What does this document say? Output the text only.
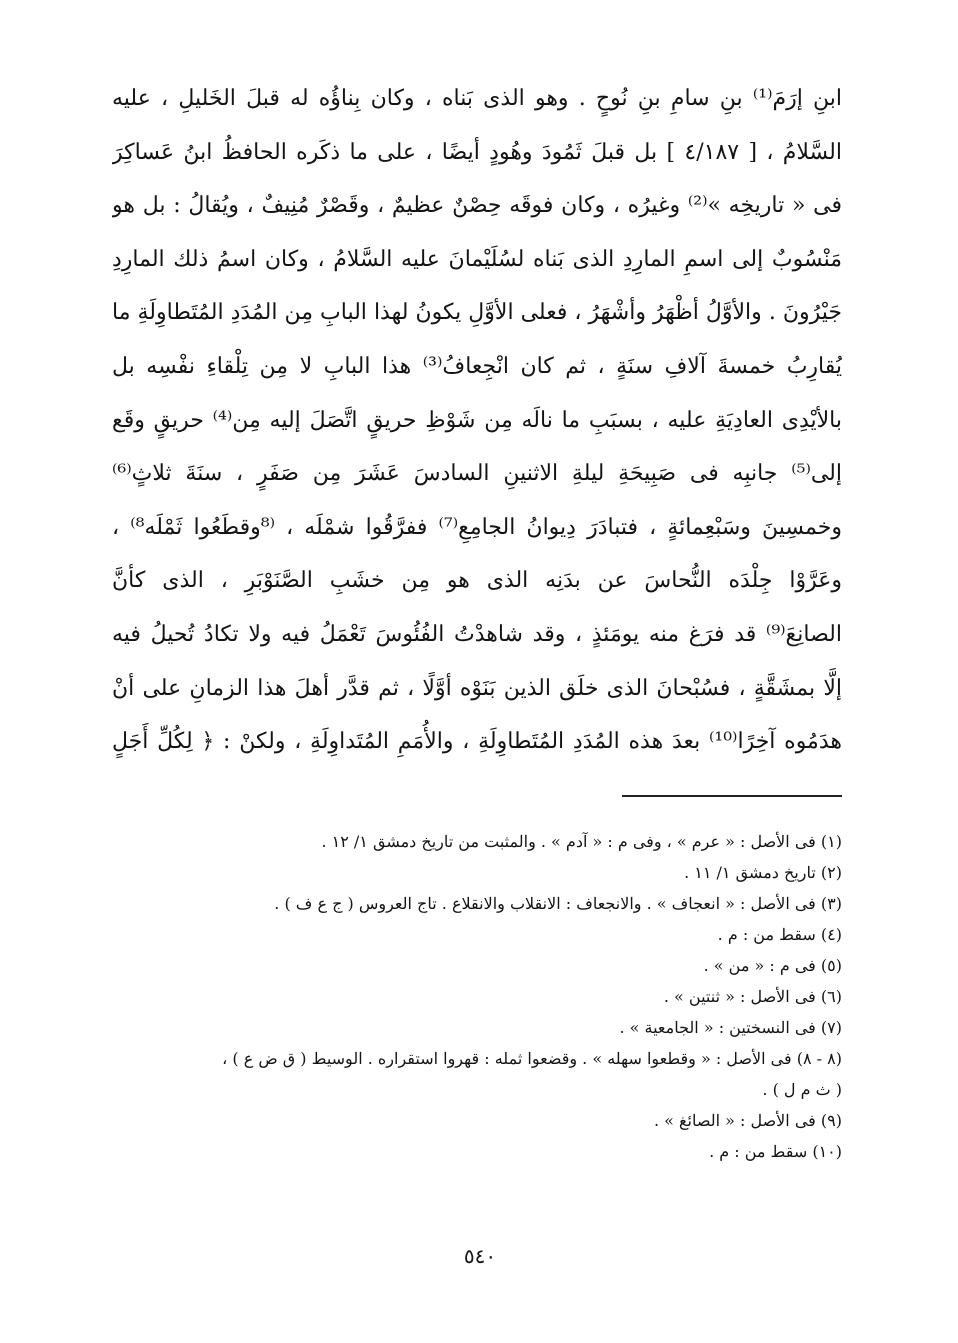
ابنِ إرَمَ⁽¹⁾ بنِ سامِ بنِ نُوحٍ . وهو الذى بَناه ، وكان بِناؤُه له قبلَ الخَليلِ ، عليه
السَّلامُ ، [ ٤/١٨٧ ] بل قبلَ ثَمُودَ وهُودٍ أيضًا ، على ما ذكَره الحافظُ ابنُ عَساكِرَ
فى « تاريخِه »⁽²⁾ وغيرُه ، وكان فوقَه حِصْنٌ عظيمٌ ، وقَصْرٌ مُنِيفٌ ، ويُقالُ : بل هو
مَنْسُوبٌ إلى اسمِ المارِدِ الذى بَناه لسُلَيْمانَ عليه السَّلامُ ، وكان اسمُ ذلك المارِدِ
جَيْرُونَ . والأوَّلُ أظْهَرُ وأشْهَرُ ، فعلى الأوَّلِ يكونُ لهذا البابِ مِن المُدَدِ المُتَطاوِلَةِ ما
يُقارِبُ خمسةَ آلافِ سنَةٍ ، ثم كان انْجِعافُ⁽³⁾ هذا البابِ لا مِن تِلْقاءِ نفْسِه بل
بالأيْدِى العادِيَةِ عليه ، بسبَبِ ما نالَه مِن شَوْظِ حريقٍ اتَّصَلَ إليه مِن⁽⁴⁾ حريقٍ وقَع
إلى⁽⁵⁾ جانبِه فى صَبِيحَةِ ليلةِ الاثنينِ السادسَ عَشَرَ مِن صَفَرٍ ، سنَةَ ثلاثٍ⁽⁶⁾
وخمسِينَ وسَبْعِمائةٍ ، فتبادَرَ دِيوانُ الجامِعِ⁽⁷⁾ ففرَّقُوا شمْلَه ، ⁽⁸وقطَعُوا ثَمْلَه⁸⁾ ،
وعَرَّوْا جِلْدَه النُّحاسَ عن بدَنِه الذى هو مِن خشَبِ الصَّنَوْبَرِ ، الذى كأنَّ
الصانِعَ⁽⁹⁾ قد فرَغ منه يومَئذٍ ، وقد شاهدْتُ الفُئُوسَ تَعْمَلُ فيه ولا تكادُ تُحيلُ فيه
إلَّا بمشَقَّةٍ ، فسُبْحانَ الذى خلَق الذين بَنَوْه أوَّلًا ، ثم قدَّر أهلَ هذا الزمانِ على أنْ
هدَمُوه آخِرًا⁽¹⁰⁾ بعدَ هذه المُدَدِ المُتَطاوِلَةِ ، والأُمَمِ المُتَداوِلَةِ ، ولكنْ : ﴿ لِكُلِّ أَجَلٍ
(١) فى الأصل : « عرم » ، وفى م : « آدم » . والمثبت من تاريخ دمشق ١/ ١٢ .
(٢) تاريخ دمشق ١/ ١١ .
(٣) فى الأصل : « انعجاف » . والانجعاف : الانقلاب والانقلاع . تاج العروس ( ج ع ف ) .
(٤) سقط من : م .
(٥) فى م : « من » .
(٦) فى الأصل : « ثنتين » .
(٧) فى النسختين : « الجامعية » .
(٨ - ٨) فى الأصل : « وقطعوا سهله » . وقضعوا ثمله : قهروا استقراره . الوسيط ( ق ض ع ) ،
( ث م ل ) .
(٩) فى الأصل : « الصائغ » .
(١٠) سقط من : م .
٥٤٠
